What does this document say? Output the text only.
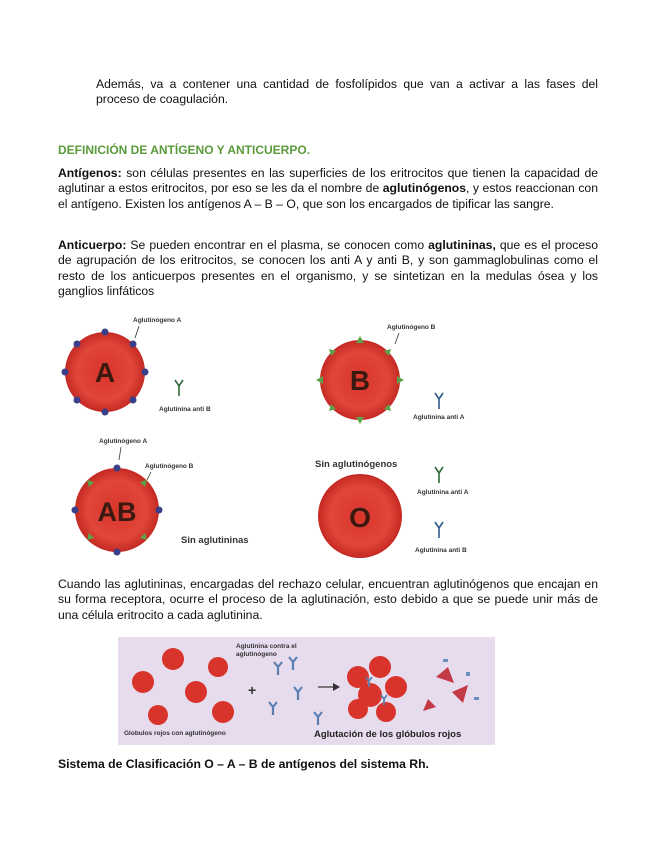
Además, va a contener una cantidad de fosfolípidos que van a activar a las fases del proceso de coagulación.
DEFINICIÓN DE ANTÍGENO Y ANTICUERPO.
Antígenos: son células presentes en las superficies de los eritrocitos que tienen la capacidad de aglutinar a estos eritrocitos, por eso se les da el nombre de aglutinógenos, y estos reaccionan con el antígeno. Existen los antígenos A – B – O, que son los encargados de tipificar las sangre.
Anticuerpo: Se pueden encontrar en el plasma, se conocen como aglutininas, que es el proceso de agrupación de los eritrocitos, se conocen los anti A y anti B, y son gammaglobulinas como el resto de los anticuerpos presentes en el organismo, y se sintetizan en la medulas ósea y los ganglios linfáticos
A
Aglutinógeno A
Aglutinina anti B
B
Aglutinógeno B
Aglutinina anti A
AB
Aglutinógeno A
Aglutinógeno B
Sin aglutininas
O
Sin aglutinógenos
Aglutinina anti A
Aglutinina anti B
Cuando las aglutininas, encargadas del rechazo celular, encuentran aglutinógenos que encajan en su forma receptora, ocurre el proceso de la aglutinación, esto debido a que se puede unir más de una célula eritrocito a cada aglutinina.
+
Aglutinina contra el
aglutinógeno
Globulos rojos con aglutinógeno	Aglutación de los glóbulos rojos
Sistema de Clasificación O – A – B de antígenos del sistema Rh.
